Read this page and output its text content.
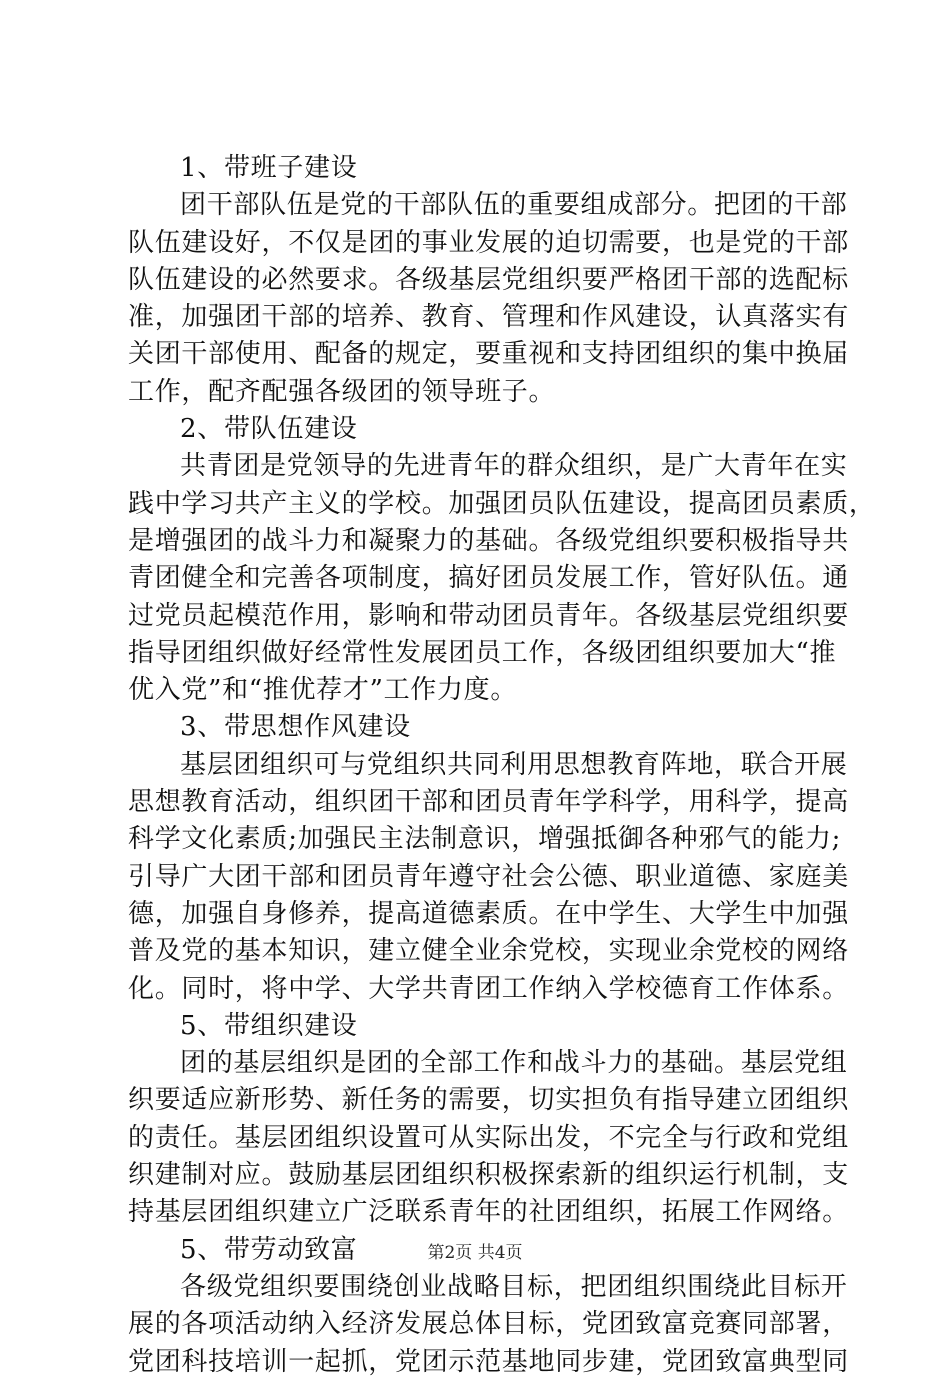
1、带班子建设
团干部队伍是党的干部队伍的重要组成部分。把团的干部
队伍建设好，不仅是团的事业发展的迫切需要，也是党的干部
队伍建设的必然要求。各级基层党组织要严格团干部的选配标
准，加强团干部的培养、教育、管理和作风建设，认真落实有
关团干部使用、配备的规定，要重视和支持团组织的集中换届
工作，配齐配强各级团的领导班子。
2、带队伍建设
共青团是党领导的先进青年的群众组织，是广大青年在实
践中学习共产主义的学校。加强团员队伍建设，提高团员素质，
是增强团的战斗力和凝聚力的基础。各级党组织要积极指导共
青团健全和完善各项制度，搞好团员发展工作，管好队伍。通
过党员起模范作用，影响和带动团员青年。各级基层党组织要
指导团组织做好经常性发展团员工作，各级团组织要加大“推
优入党”和“推优荐才”工作力度。
3、带思想作风建设
基层团组织可与党组织共同利用思想教育阵地，联合开展
思想教育活动，组织团干部和团员青年学科学，用科学，提高
科学文化素质;加强民主法制意识，增强抵御各种邪气的能力;
引导广大团干部和团员青年遵守社会公德、职业道德、家庭美
德，加强自身修养，提高道德素质。在中学生、大学生中加强
普及党的基本知识，建立健全业余党校，实现业余党校的网络
化。同时，将中学、大学共青团工作纳入学校德育工作体系。
5、带组织建设
团的基层组织是团的全部工作和战斗力的基础。基层党组
织要适应新形势、新任务的需要，切实担负有指导建立团组织
的责任。基层团组织设置可从实际出发，不完全与行政和党组
织建制对应。鼓励基层团组织积极探索新的组织运行机制，支
持基层团组织建立广泛联系青年的社团组织，拓展工作网络。
5、带劳动致富
各级党组织要围绕创业战略目标，把团组织围绕此目标开
展的各项活动纳入经济发展总体目标，党团致富竞赛同部署，
党团科技培训一起抓，党团示范基地同步建，党团致富典型同
第2页 共4页
